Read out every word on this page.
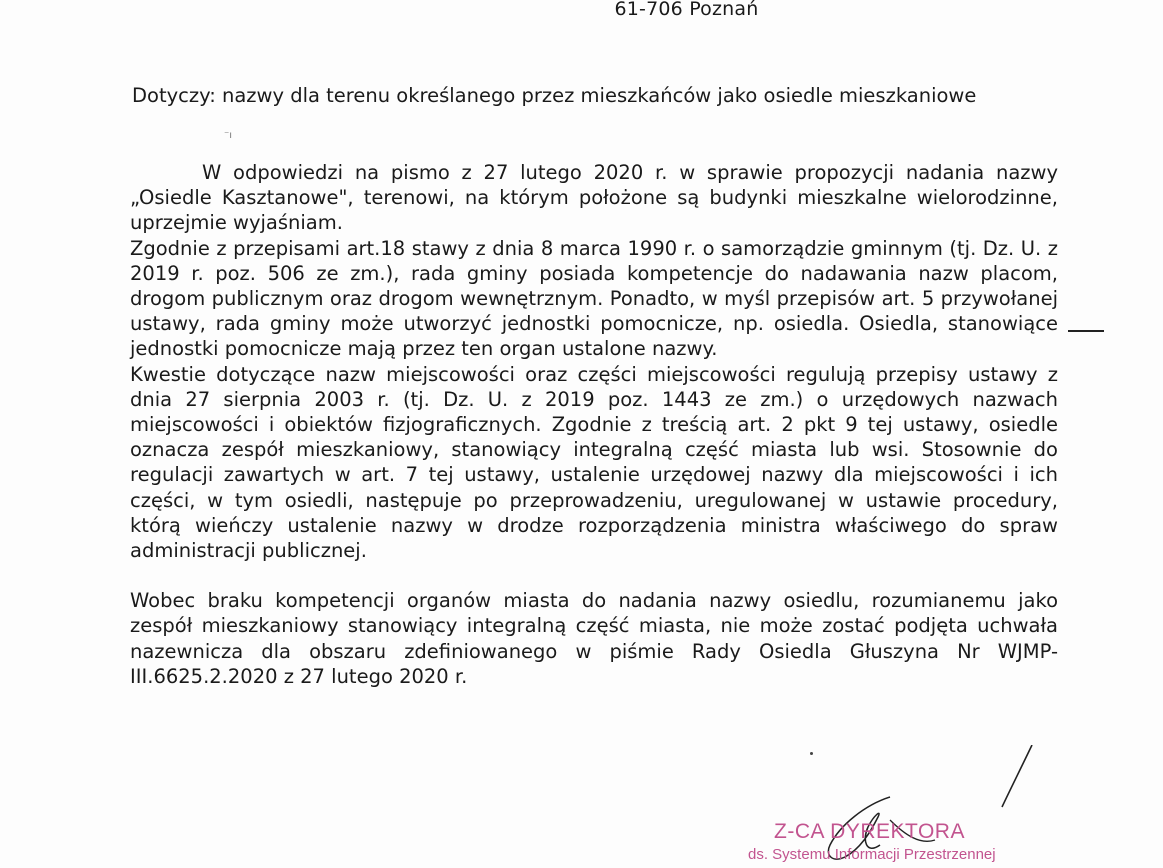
61-706 Poznań
Dotyczy: nazwy dla terenu określanego przez mieszkańców jako osiedle mieszkaniowe
⁻ı

W odpowiedzi na pismo z 27 lutego 2020 r. w sprawie propozycji nadania nazwy „Osiedle Kasztanowe", terenowi, na którym położone są budynki mieszkalne wielorodzinne, uprzejmie wyjaśniam.

Zgodnie z przepisami art.18 stawy z dnia 8 marca 1990 r. o samorządzie gminnym (tj. Dz. U. z 2019 r. poz. 506 ze zm.), rada gminy posiada kompetencje do nadawania nazw placom, drogom publicznym oraz drogom wewnętrznym. Ponadto, w myśl przepisów art. 5 przywołanej ustawy, rada gminy może utworzyć jednostki pomocnicze, np. osiedla. Osiedla, stanowiące jednostki pomocnicze mają przez ten organ ustalone nazwy.

Kwestie dotyczące nazw miejscowości oraz części miejscowości regulują przepisy ustawy z dnia 27 sierpnia 2003 r. (tj. Dz. U. z 2019 poz. 1443 ze zm.) o urzędowych nazwach miejscowości i obiektów fizjograficznych. Zgodnie z treścią art. 2 pkt 9 tej ustawy, osiedle oznacza zespół mieszkaniowy, stanowiący integralną część miasta lub wsi. Stosownie do regulacji zawartych w art. 7 tej ustawy, ustalenie urzędowej nazwy dla miejscowości i ich części, w tym osiedli, następuje po przeprowadzeniu, uregulowanej w ustawie procedury, którą wieńczy ustalenie nazwy w drodze rozporządzenia ministra właściwego do spraw administracji publicznej.

Wobec braku kompetencji organów miasta do nadania nazwy osiedlu, rozumianemu jako zespół mieszkaniowy stanowiący integralną część miasta, nie może zostać podjęta uchwała nazewnicza dla obszaru zdefiniowanego w piśmie Rady Osiedla Głuszyna Nr WJMP-III.6625.2.2020 z 27 lutego 2020 r.

Z-CA DYREKTORA
ds. Systemu Informacji Przestrzennej
